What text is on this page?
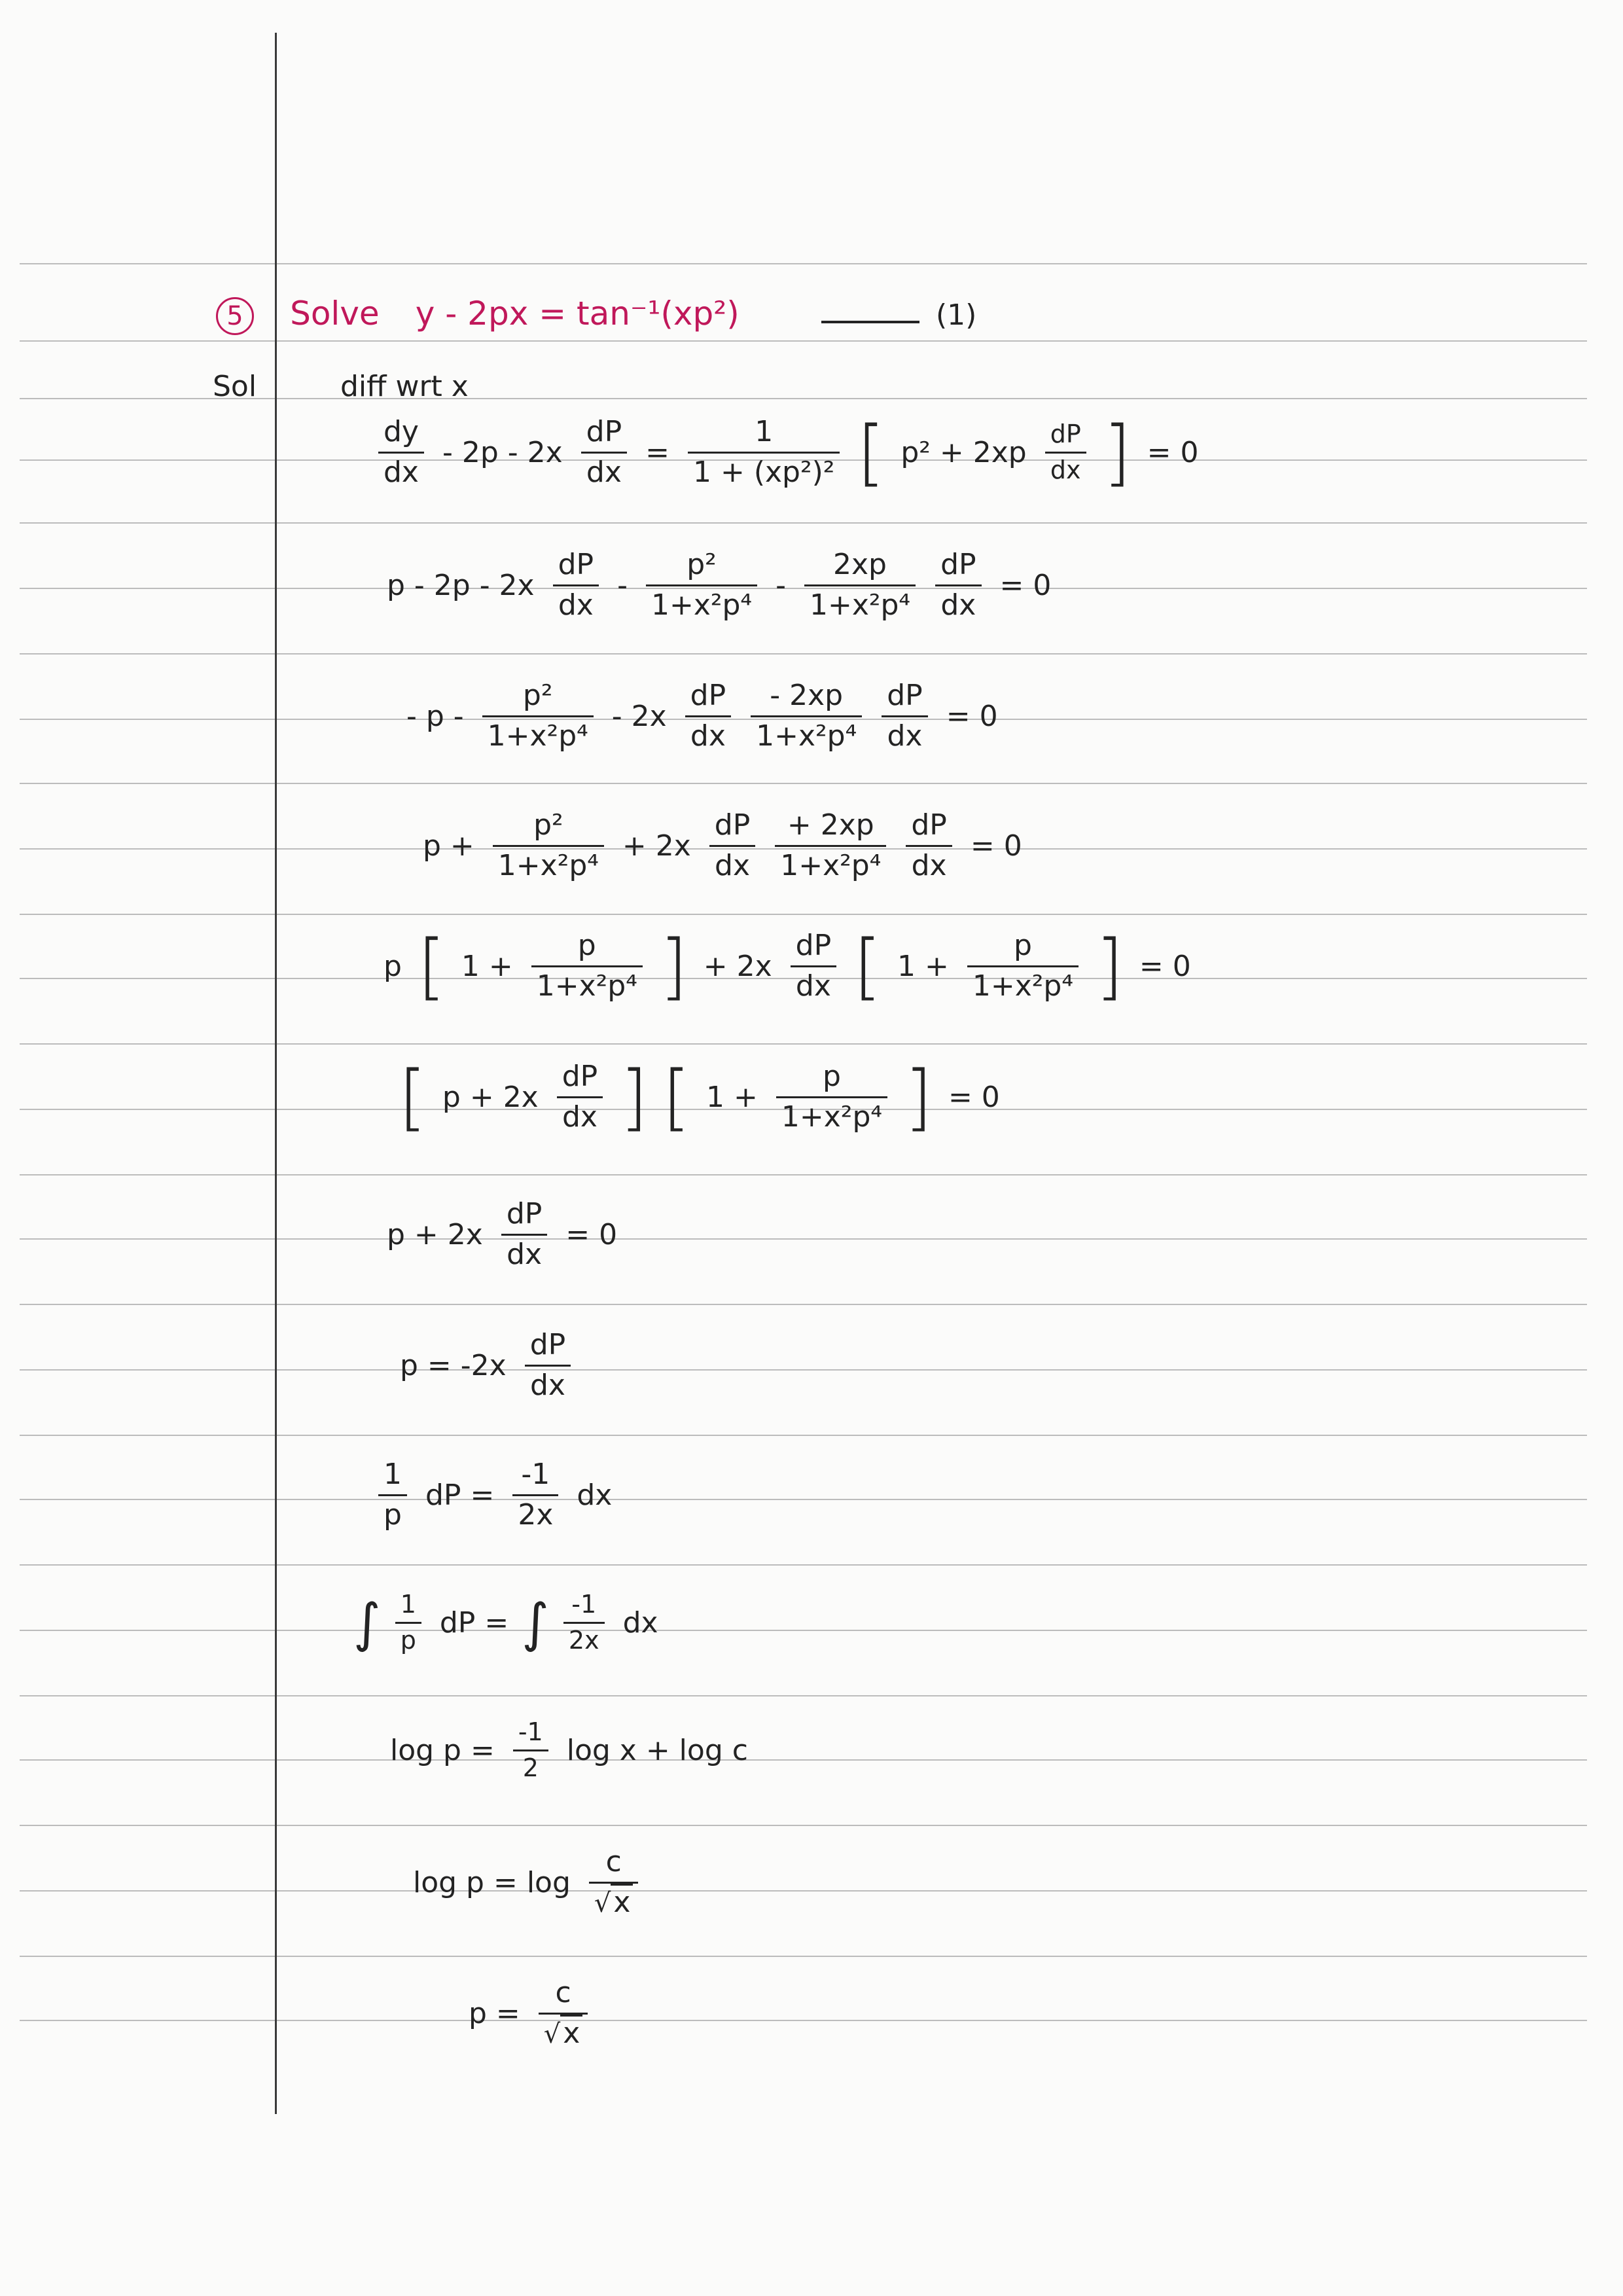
5 Solve y - 2px = tan⁻¹(xp²)	(1)
Sol	diff wrt x
$\frac{dy}{dx} - 2p - 2x \frac{dP}{dx} = \frac{1}{\text{1 + (xp²)²}}$ [ $p^2 + 2xp \frac{dP}{dx}$ ] = 0
p - $2p - 2x \frac{dP}{dx} - \frac{\text{p²}}{\text{1+x²p⁴}} - \frac{2xp}{\text{1+x²p⁴}}$
$\frac{dP}{dx} = 0$
- p - $\frac{\text{p²}}{\text{1+x²p⁴}} - 2x \frac{dP}{dx}$
$\frac{- 2xp}{\text{1+x²p⁴}}$
$\frac{dP}{dx} = 0$
$p + \frac{\text{p²}}{\text{1+x²p⁴}} + 2x \frac{dP}{dx}$
$\frac{+ 2xp}{\text{1+x²p⁴}}$
$\frac{dP}{dx} = 0$
p [ $1 + \frac{p}{\text{1+x²p⁴}}$ ] + $2x \frac{dP}{dx}$ [ $1 + \frac{p}{\text{1+x²p⁴}}$ ] = 0
[ $p + 2x \frac{dP}{dx}$ ] [ $1 + \frac{p}{\text{1+x²p⁴}}$ ] = 0
$p + 2x \frac{dP}{dx} = 0$
$p = -2x \frac{dP}{dx}$
$\frac{1}{p}$ dP = $\frac{-1}{2x}$ dx
∫ $\frac{1}{p}$ dP = ∫ $\frac{-1}{2x}$ dx
$\log p = \frac{-1}{2}$ log x + log c
$\log p = \log \frac{c}{√x}$
$p = \frac{c}{√x}$
